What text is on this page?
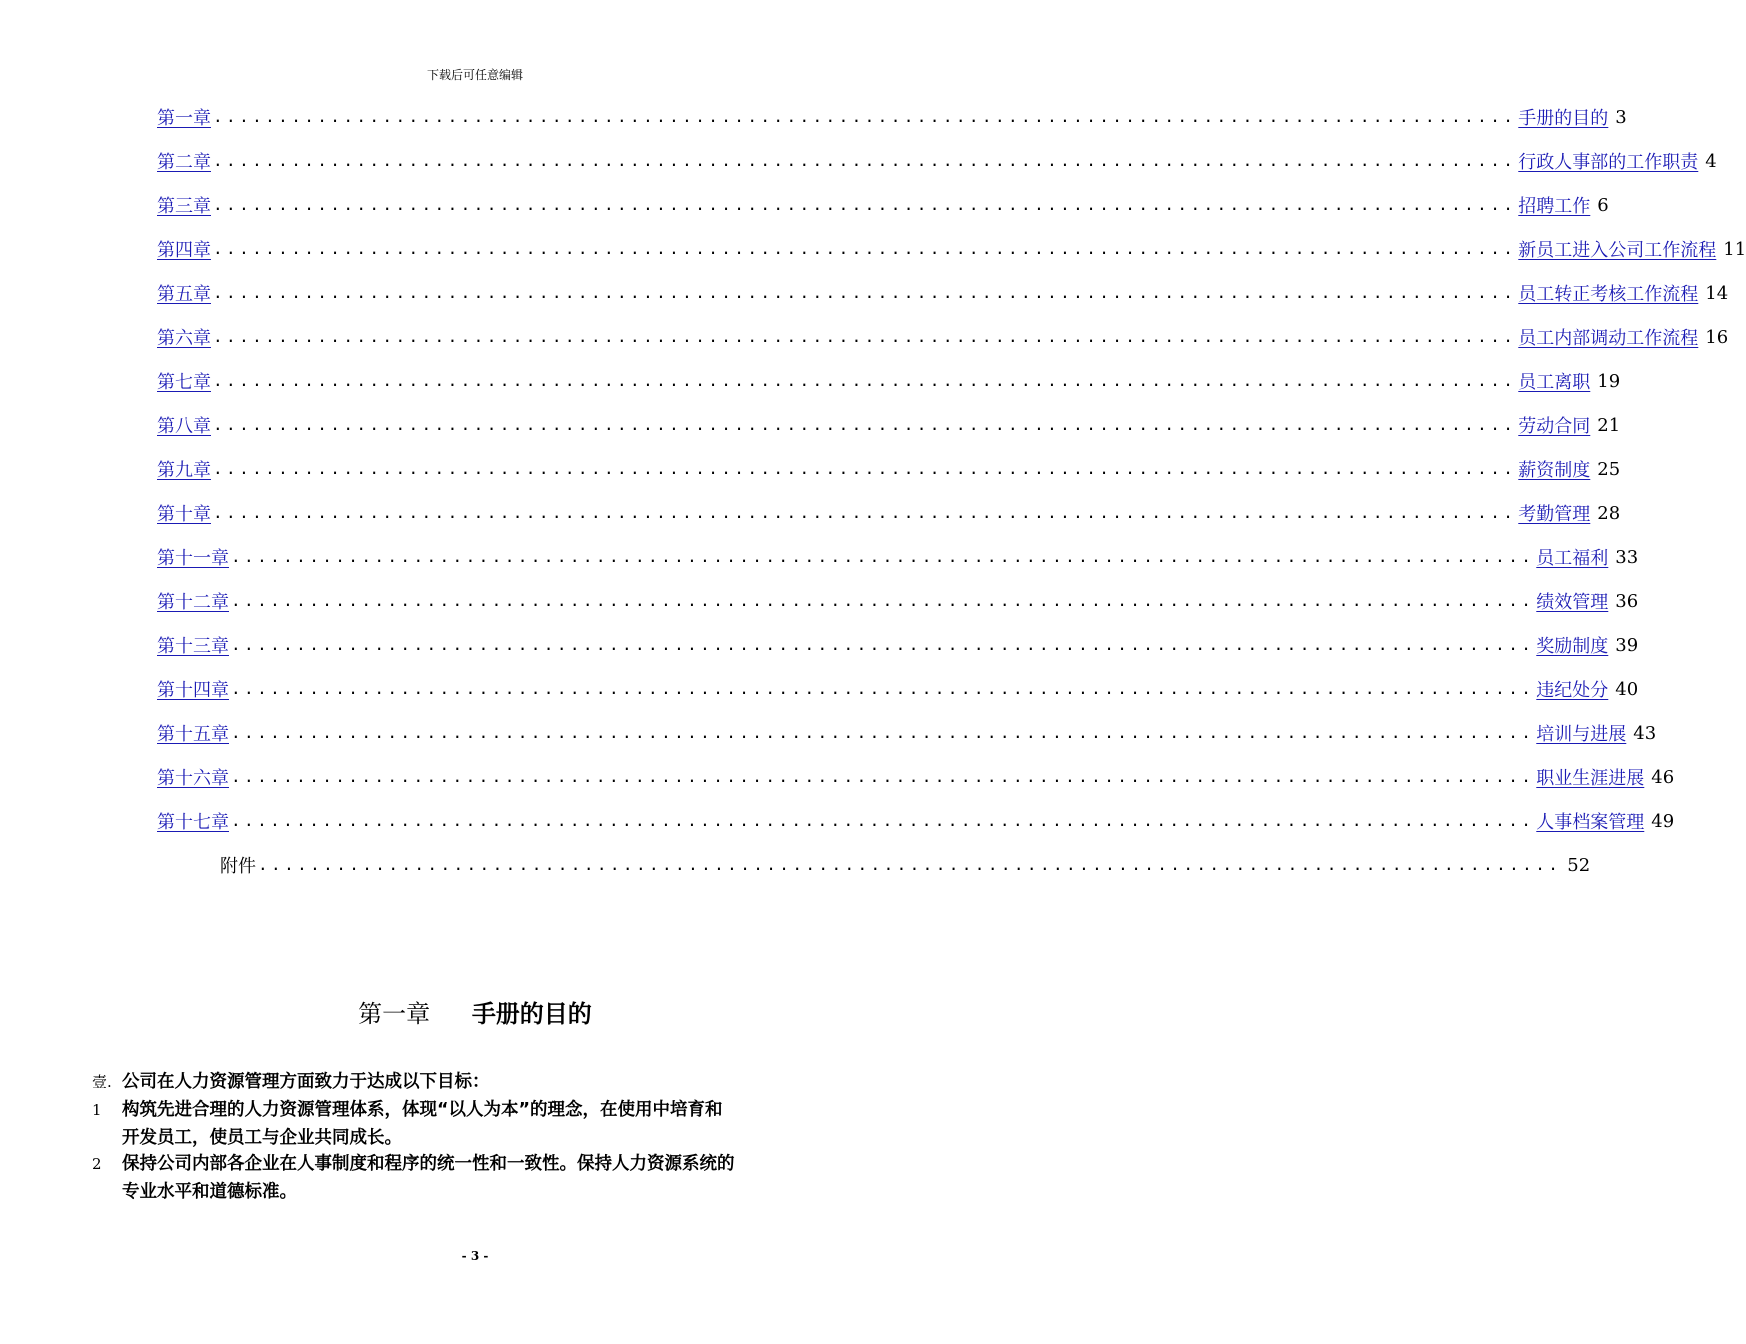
下载后可任意编辑
第一章 .................................................................................................... 手册的目的 3
第二章 .................................................................................................... 行政人事部的工作职责 4
第三章 .................................................................................................... 招聘工作 6
第四章 .................................................................................................... 新员工进入公司工作流程 11
第五章 .................................................................................................... 员工转正考核工作流程 14
第六章 .................................................................................................... 员工内部调动工作流程 16
第七章 .................................................................................................... 员工离职 19
第八章 .................................................................................................... 劳动合同 21
第九章 .................................................................................................... 薪资制度 25
第十章 .................................................................................................... 考勤管理 28
第十一章 .................................................................................................... 员工福利 33
第十二章 .................................................................................................... 绩效管理 36
第十三章 .................................................................................................... 奖励制度 39
第十四章 .................................................................................................... 违纪处分 40
第十五章 .................................................................................................... 培训与进展 43
第十六章 .................................................................................................... 职业生涯进展 46
第十七章 .................................................................................................... 人事档案管理 49
附件 .................................................................................................... 52
第一章 手册的目的
壹. 公司在人力资源管理方面致力于达成以下目标：
1 构筑先进合理的人力资源管理体系，体现“以人为本”的理念，在使用中培育和
开发员工，使员工与企业共同成长。
2 保持公司内部各企业在人事制度和程序的统一性和一致性。保持人力资源系统的
专业水平和道德标准。
- 3 -
